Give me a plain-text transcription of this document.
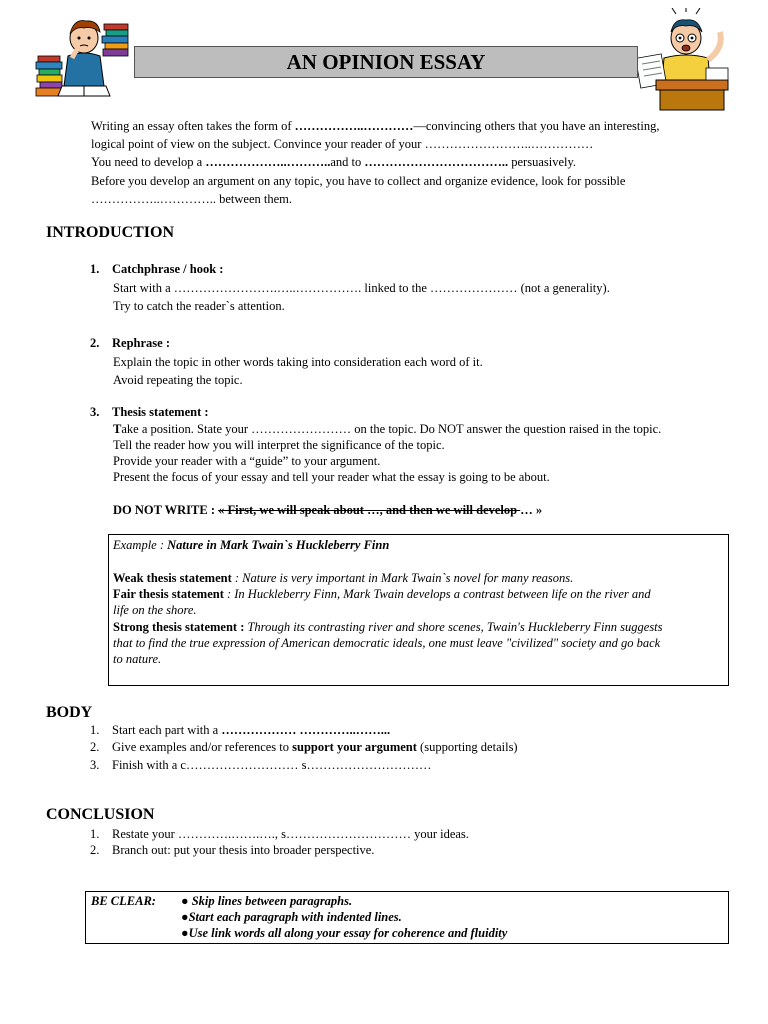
AN OPINION ESSAY
Writing an essay often takes the form of ……………..…………—convincing others that you have an interesting,
logical point of view on the subject. Convince your reader of your ……………………..……………
You need to develop a ………………..………..and to …………………………….. persuasively.
Before you develop an argument on any topic, you have to collect and organize evidence, look for possible
……………..………….. between them.
INTRODUCTION
1. Catchphrase / hook :
Start with a …………………….…..……………. linked to the ………………… (not a generality).
Try to catch the reader`s attention.
2. Rephrase :
Explain the topic in other words taking into consideration each word of it.
Avoid repeating the topic.
3. Thesis statement :
Take a position. State your …………………… on the topic. Do NOT answer the question raised in the topic.
Tell the reader how you will interpret the significance of the topic.
Provide your reader with a “guide” to your argument.
Present the focus of your essay and tell your reader what the essay is going to be about.
DO NOT WRITE : « First, we will speak about …, and then we will develop … »
Example : Nature in Mark Twain`s Huckleberry Finn
Weak thesis statement : Nature is very important in Mark Twain`s novel for many reasons.
Fair thesis statement : In Huckleberry Finn, Mark Twain develops a contrast between life on the river and
life on the shore.
Strong thesis statement : Through its contrasting river and shore scenes, Twain's Huckleberry Finn suggests
that to find the true expression of American democratic ideals, one must leave "civilized" society and go back
to nature.
BODY
1. Start each part with a ……………… …………..……...
2. Give examples and/or references to support your argument (supporting details)
3. Finish with a c……………………… s…………………………
CONCLUSION
1. Restate your ………….…….…., s………………………… your ideas.
2. Branch out: put your thesis into broader perspective.
BE CLEAR: ● Skip lines between paragraphs.
●Start each paragraph with indented lines.
●Use link words all along your essay for coherence and fluidity
